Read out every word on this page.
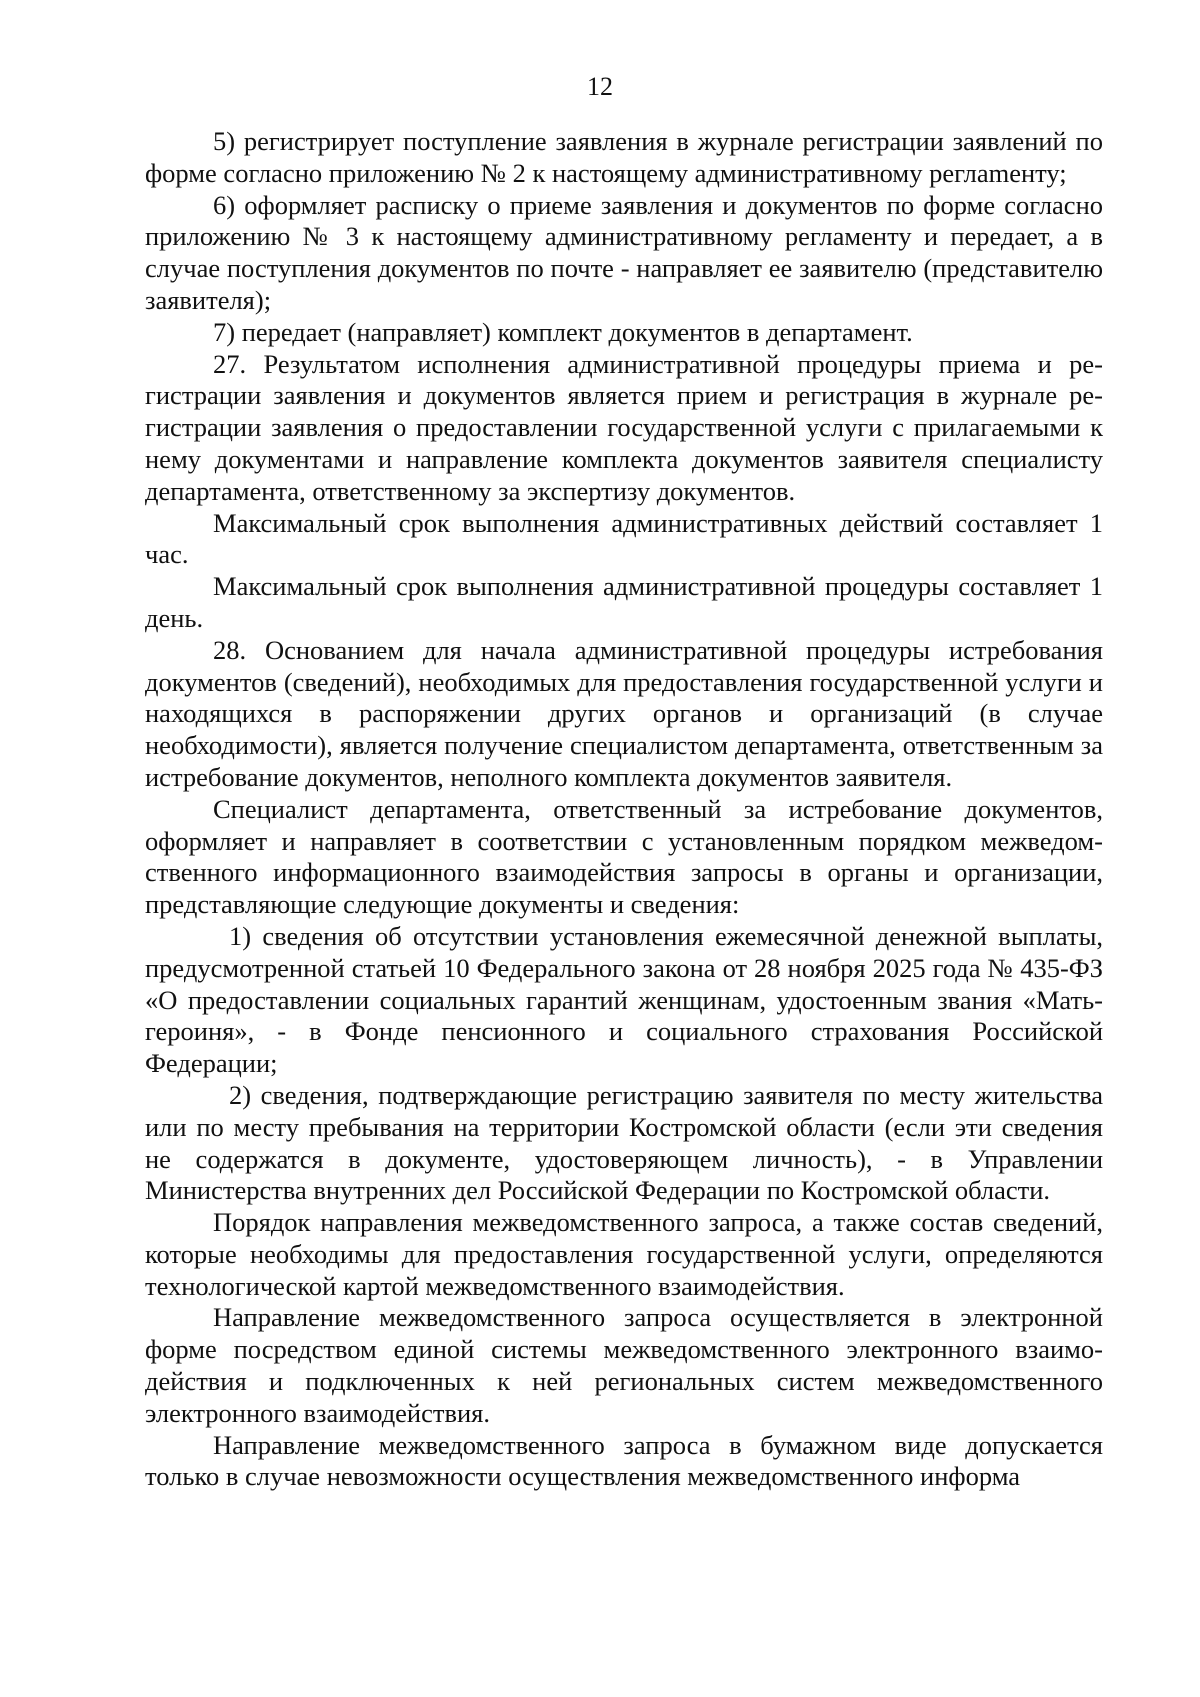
12

5) регистрирует поступление заявления в журнале регистрации заявлений по форме согласно приложению № 2 к настоящему административному реглаmенту;

6) оформляет расписку о приеме заявления и документов по форме согласно приложению № 3 к настоящему административному регламенту и передает, а в случае поступления документов по почте - направляет ее заявителю (представителю заявителя);

7) передает (направляет) комплект документов в департамент.

27. Результатом исполнения административной процедуры приема и регистрации заявления и документов является прием и регистрация в журнале регистрации заявления о предоставлении государственной услуги с прилагаемыми к нему документами и направление комплекта документов заявителя специалисту департамента, ответственному за экспертизу документов.

Максимальный срок выполнения административных действий составляет 1 час.

Максимальный срок выполнения административной процедуры составляет 1 день.

28. Основанием для начала административной процедуры истребования документов (сведений), необходимых для предоставления государственной услуги и находящихся в распоряжении других органов и организаций (в случае необходимости), является получение специалистом департамента, ответственным за истребование документов, неполного комплекта документов заявителя.

Специалист департамента, ответственный за истребование документов, оформляет и направляет в соответствии с установленным порядком межведомственного информационного взаимодействия запросы в органы и организации, представляющие следующие документы и сведения:

1) сведения об отсутствии установления ежемесячной денежной выплаты, предусмотренной статьей 10 Федерального закона от 28 ноября 2025 года № 435-ФЗ «О предоставлении социальных гарантий женщинам, удостоенным звания «Мать-героиня», - в Фонде пенсионного и социального страхования Российской Федерации;

2) сведения, подтверждающие регистрацию заявителя по месту жительства или по месту пребывания на территории Костромской области (если эти сведения не содержатся в документе, удостоверяющем личность), - в Управлении Министерства внутренних дел Российской Федерации по Костромской области.

Порядок направления межведомственного запроса, а также состав сведений, которые необходимы для предоставления государственной услуги, определяются технологической картой межведомственного взаимодействия.

Направление межведомственного запроса осуществляется в электронной форме посредством единой системы межведомственного электронного взаимодействия и подключенных к ней региональных систем межведомственного электронного взаимодействия.

Направление межведомственного запроса в бумажном виде допускается только в случае невозможности осуществления межведомственного информа
